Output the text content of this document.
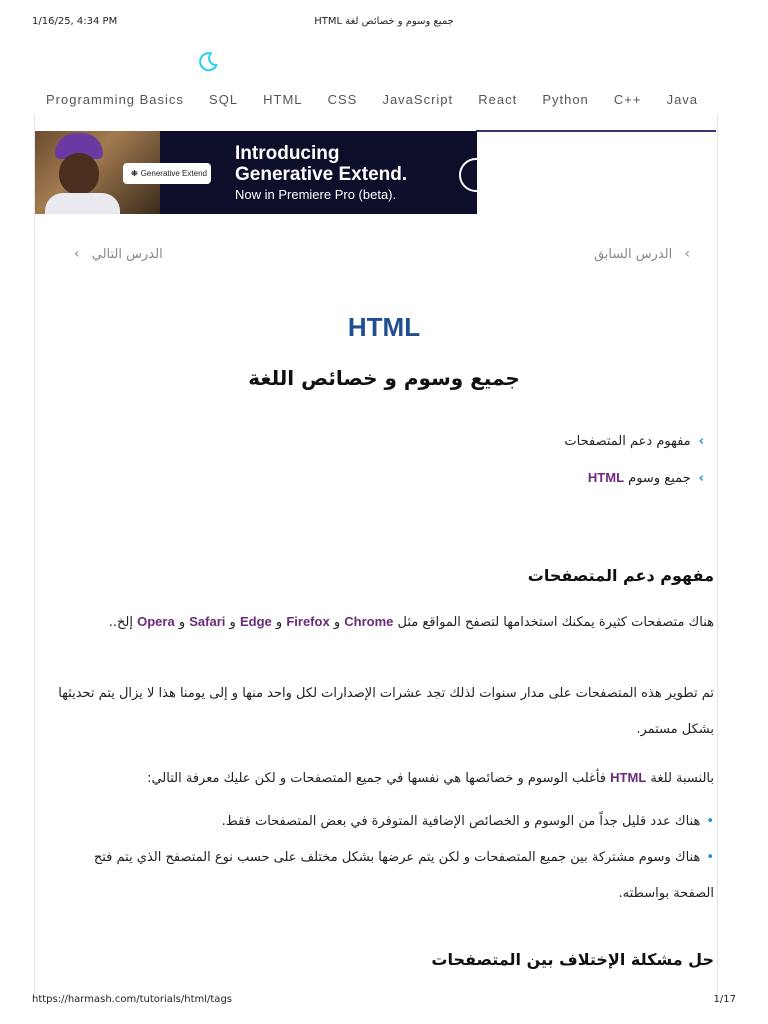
1/16/25, 4:34 PM	HTML جميع وسوم و خصائص لغة
Programming Basics SQL HTML CSS JavaScript React Python C++ Java
⁜ Generative Extend
Introducing
Generative Extend.
Now in Premiere Pro (beta).
‹ الدرس التالي	› الدرس السابق
HTML
جميع وسوم و خصائص اللغة
›مفهوم دعم المتصفحات
›جميع وسوم HTML
مفهوم دعم المتصفحات
هناك متصفحات كثيرة يمكنك استخدامها لتصفح المواقع مثل Chrome و Firefox و Edge و Safari و Opera إلخ..
تم تطوير هذه المتصفحات على مدار سنوات لذلك تجد عشرات الإصدارات لكل واحد منها و إلى يومنا هذا لا يزال يتم تحديثها بشكل مستمر.
بالنسبة للغة HTML فأغلب الوسوم و خصائصها هي نفسها في جميع المتصفحات و لكن عليك معرفة التالي:
•هناك عدد قليل جداً من الوسوم و الخصائص الإضافية المتوفرة في بعض المتصفحات فقط.
•هناك وسوم مشتركة بين جميع المتصفحات و لكن يتم عرضها بشكل مختلف على حسب نوع المتصفح الذي يتم فتح الصفحة بواسطته.
حل مشكلة الإختلاف بين المتصفحات
https://harmash.com/tutorials/html/tags	1/17
